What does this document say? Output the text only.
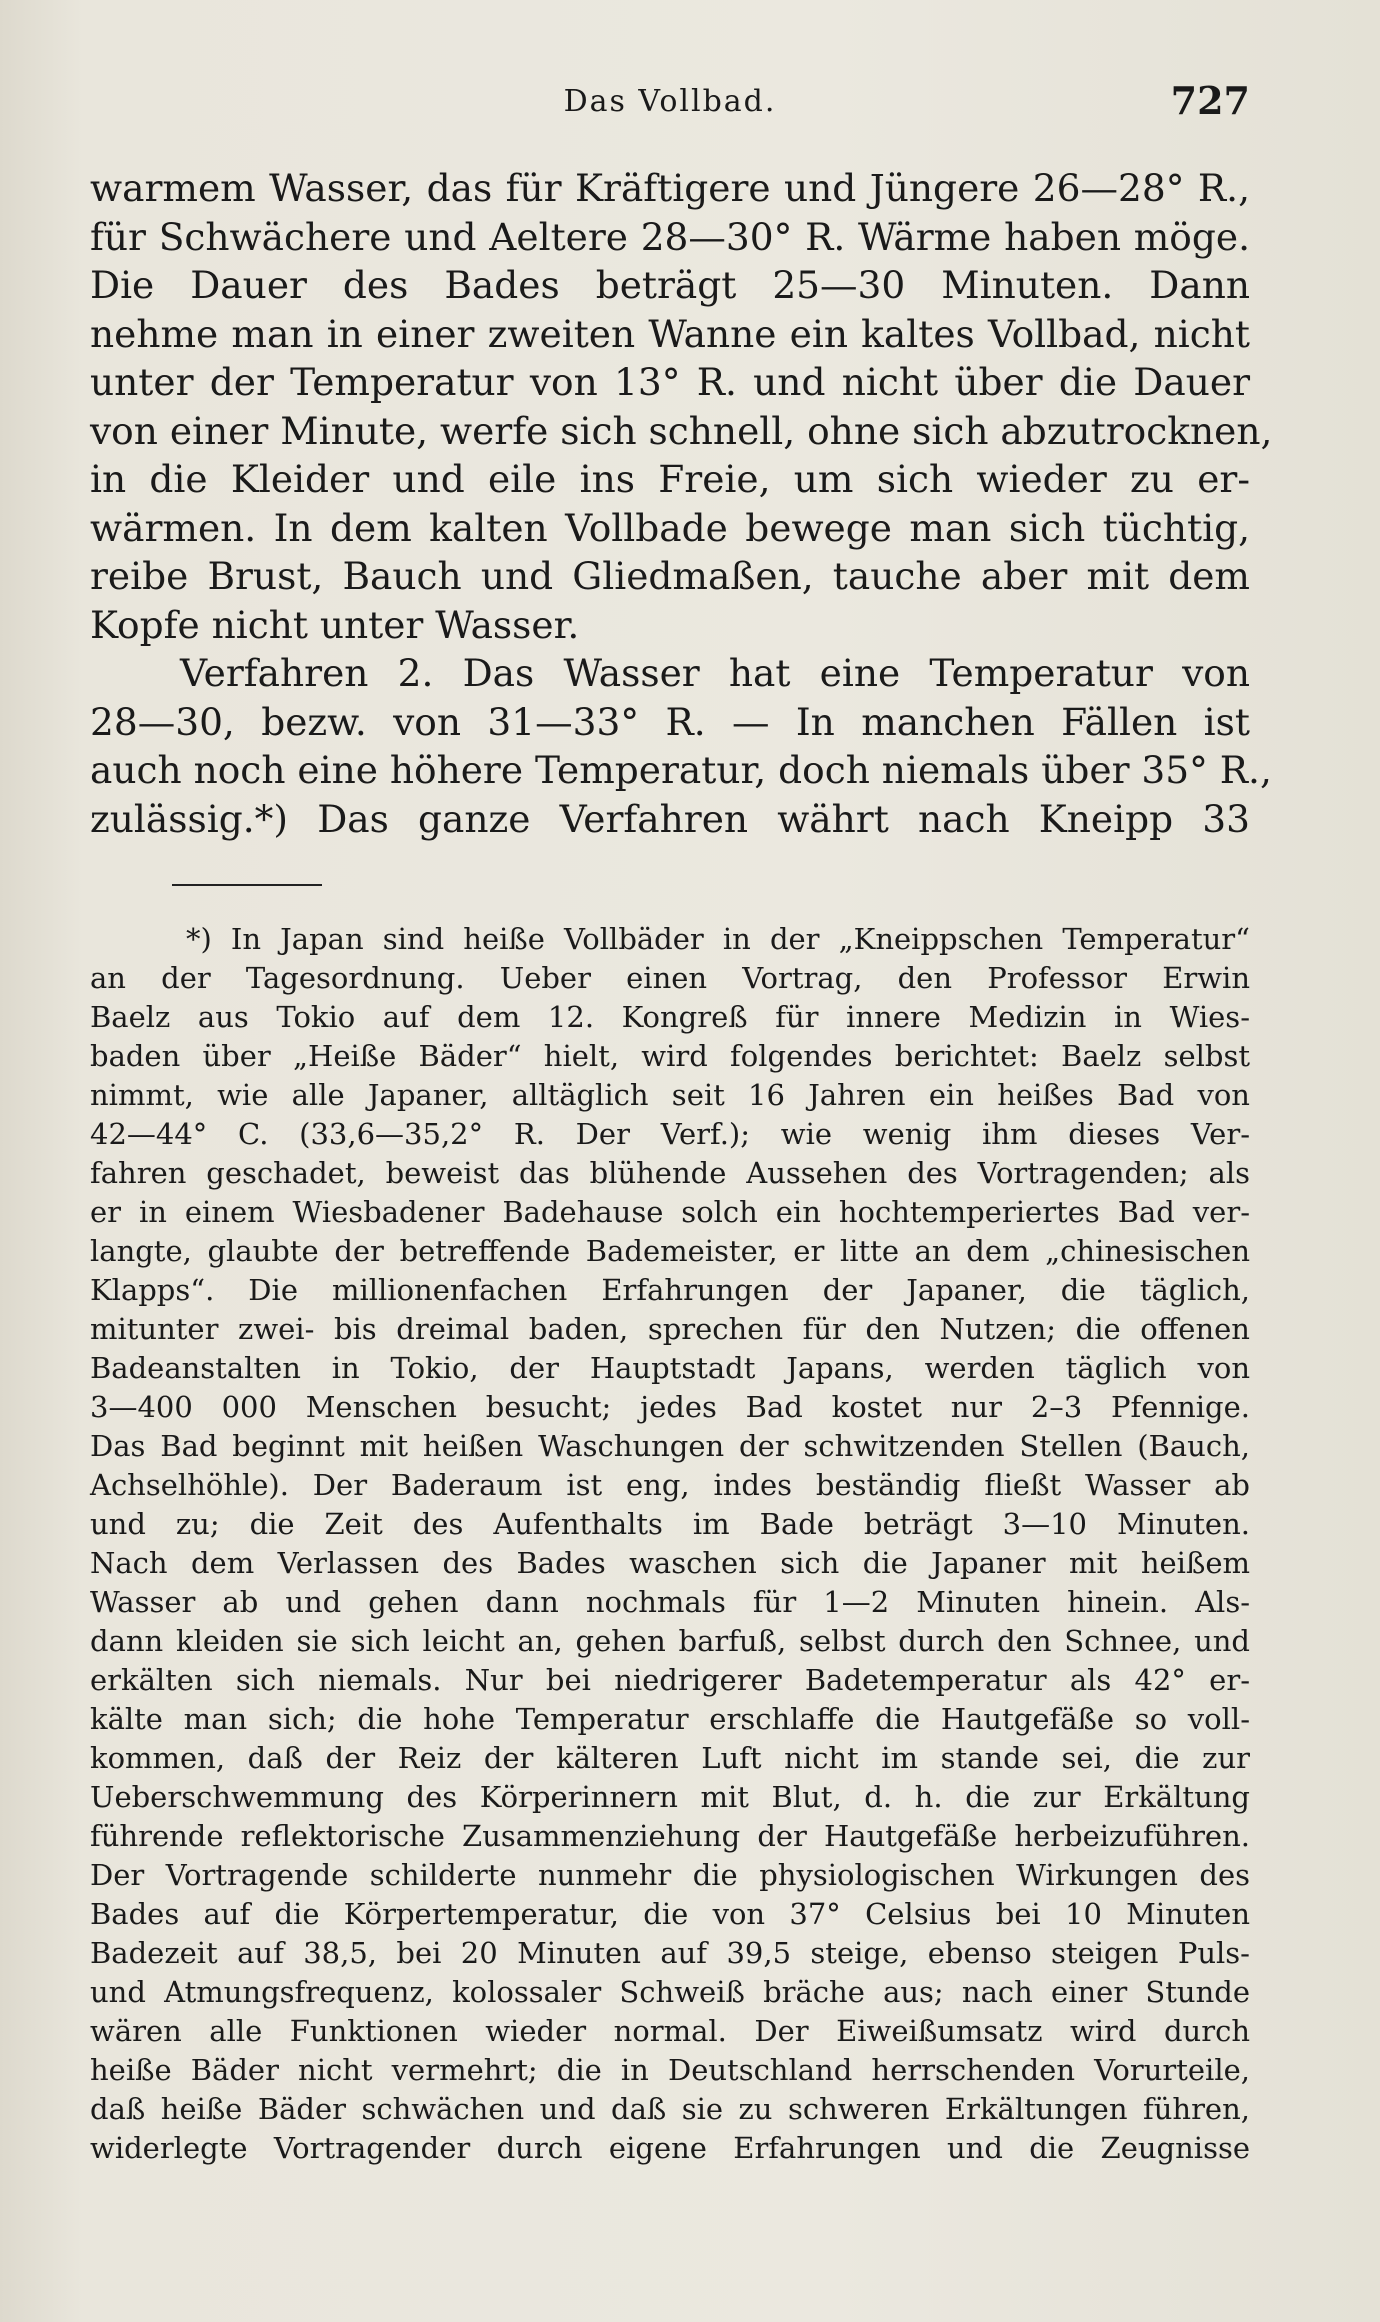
Das Vollbad.	727
warmem Wasser, das für Kräftigere und Jüngere 26—28° R.,
für Schwächere und Aeltere 28—30° R. Wärme haben möge.
Die Dauer des Bades beträgt 25—30 Minuten. Dann
nehme man in einer zweiten Wanne ein kaltes Vollbad, nicht
unter der Temperatur von 13° R. und nicht über die Dauer
von einer Minute, werfe sich schnell, ohne sich abzutrocknen,
in die Kleider und eile ins Freie, um sich wieder zu er-
wärmen. In dem kalten Vollbade bewege man sich tüchtig,
reibe Brust, Bauch und Gliedmaßen, tauche aber mit dem
Kopfe nicht unter Wasser.
Verfahren 2. Das Wasser hat eine Temperatur von
28—30, bezw. von 31—33° R. — In manchen Fällen ist
auch noch eine höhere Temperatur, doch niemals über 35° R.,
zulässig.*) Das ganze Verfahren währt nach Kneipp 33
*) In Japan sind heiße Vollbäder in der „Kneippschen Temperatur“
an der Tagesordnung. Ueber einen Vortrag, den Professor Erwin
Baelz aus Tokio auf dem 12. Kongreß für innere Medizin in Wies-
baden über „Heiße Bäder“ hielt, wird folgendes berichtet: Baelz selbst
nimmt, wie alle Japaner, alltäglich seit 16 Jahren ein heißes Bad von
42—44° C. (33,6—35,2° R. Der Verf.); wie wenig ihm dieses Ver-
fahren geschadet, beweist das blühende Aussehen des Vortragenden; als
er in einem Wiesbadener Badehause solch ein hochtemperiertes Bad ver-
langte, glaubte der betreffende Bademeister, er litte an dem „chinesischen
Klapps“. Die millionenfachen Erfahrungen der Japaner, die täglich,
mitunter zwei- bis dreimal baden, sprechen für den Nutzen; die offenen
Badeanstalten in Tokio, der Hauptstadt Japans, werden täglich von
3—400 000 Menschen besucht; jedes Bad kostet nur 2–3 Pfennige.
Das Bad beginnt mit heißen Waschungen der schwitzenden Stellen (Bauch,
Achselhöhle). Der Baderaum ist eng, indes beständig fließt Wasser ab
und zu; die Zeit des Aufenthalts im Bade beträgt 3—10 Minuten.
Nach dem Verlassen des Bades waschen sich die Japaner mit heißem
Wasser ab und gehen dann nochmals für 1—2 Minuten hinein. Als-
dann kleiden sie sich leicht an, gehen barfuß, selbst durch den Schnee, und
erkälten sich niemals. Nur bei niedrigerer Badetemperatur als 42° er-
kälte man sich; die hohe Temperatur erschlaffe die Hautgefäße so voll-
kommen, daß der Reiz der kälteren Luft nicht im stande sei, die zur
Ueberschwemmung des Körperinnern mit Blut, d. h. die zur Erkältung
führende reflektorische Zusammenziehung der Hautgefäße herbeizuführen.
Der Vortragende schilderte nunmehr die physiologischen Wirkungen des
Bades auf die Körpertemperatur, die von 37° Celsius bei 10 Minuten
Badezeit auf 38,5, bei 20 Minuten auf 39,5 steige, ebenso steigen Puls-
und Atmungsfrequenz, kolossaler Schweiß bräche aus; nach einer Stunde
wären alle Funktionen wieder normal. Der Eiweißumsatz wird durch
heiße Bäder nicht vermehrt; die in Deutschland herrschenden Vorurteile,
daß heiße Bäder schwächen und daß sie zu schweren Erkältungen führen,
widerlegte Vortragender durch eigene Erfahrungen und die Zeugnisse
